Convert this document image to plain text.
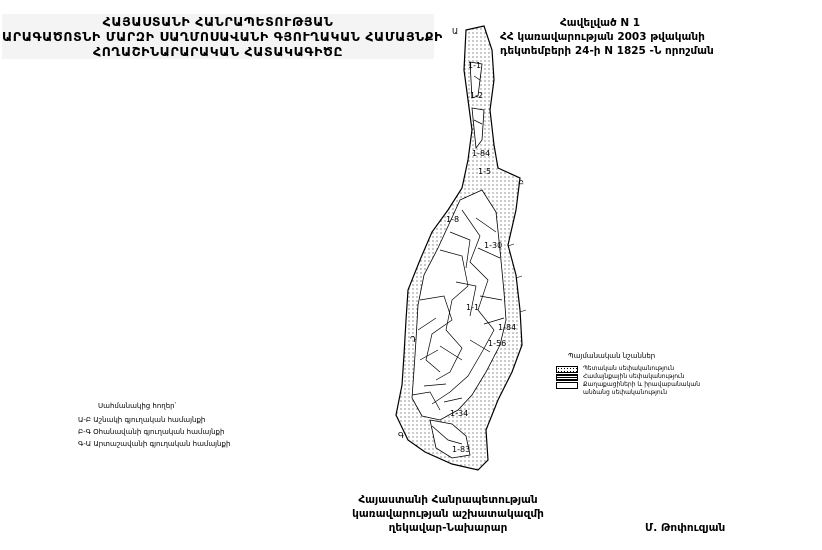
ՀԱՅԱՍՏԱՆԻ ՀԱՆՐԱՊԵՏՈՒԹՅԱՆ
ԱՐԱԳԱԾՈՏՆԻ ՄԱՐԶԻ ՍԱՂՄՈՍԱՎԱՆԻ ԳՅՈՒՂԱԿԱՆ ՀԱՄԱՅՆՔԻ
ՀՈՂԱՇԻՆԱՐԱՐԱԿԱՆ ՀԱՏԱԿԱԳԻԾԸ
Հավելված N 1
ՀՀ կառավարության 2003 թվականի
դեկտեմբերի 24-ի N 1825 -Ն որոշման
Ա
Բ
Գ
Դ
1-1
1-2
1-84
1-5
1-8
1-30
1-84
1-56
1-34
1-83
1-1
Սահմանակից հողեր՝
Ա-Բ Աշնակի գյուղական համայնքի
Բ-Գ Օհանավանի գյուղական համայնքի
Գ-Ա Արտաշավանի գյուղական համայնքի
Պայմանական նշաններ
Պետական սեփականություն
Համայնքային սեփականություն
Քաղաքացիների և իրավաբանական անձանց սեփականություն
Հայաստանի Հանրապետության
կառավարության աշխատակազմի
ղեկավար-Նախարար	Մ. Թոփուզյան
